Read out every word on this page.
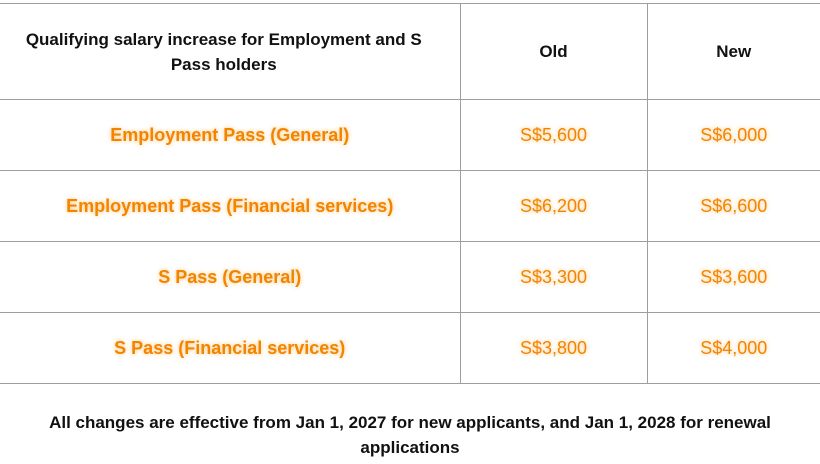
Qualifying salary increase for Employment and S Pass holders	Old	New
Employment Pass (General)	S$5,600	S$6,000
Employment Pass (Financial services)	S$6,200	S$6,600
S Pass (General)	S$3,300	S$3,600
S Pass (Financial services)	S$3,800	S$4,000
All changes are effective from Jan 1, 2027 for new applicants, and Jan 1, 2028 for renewal applications
